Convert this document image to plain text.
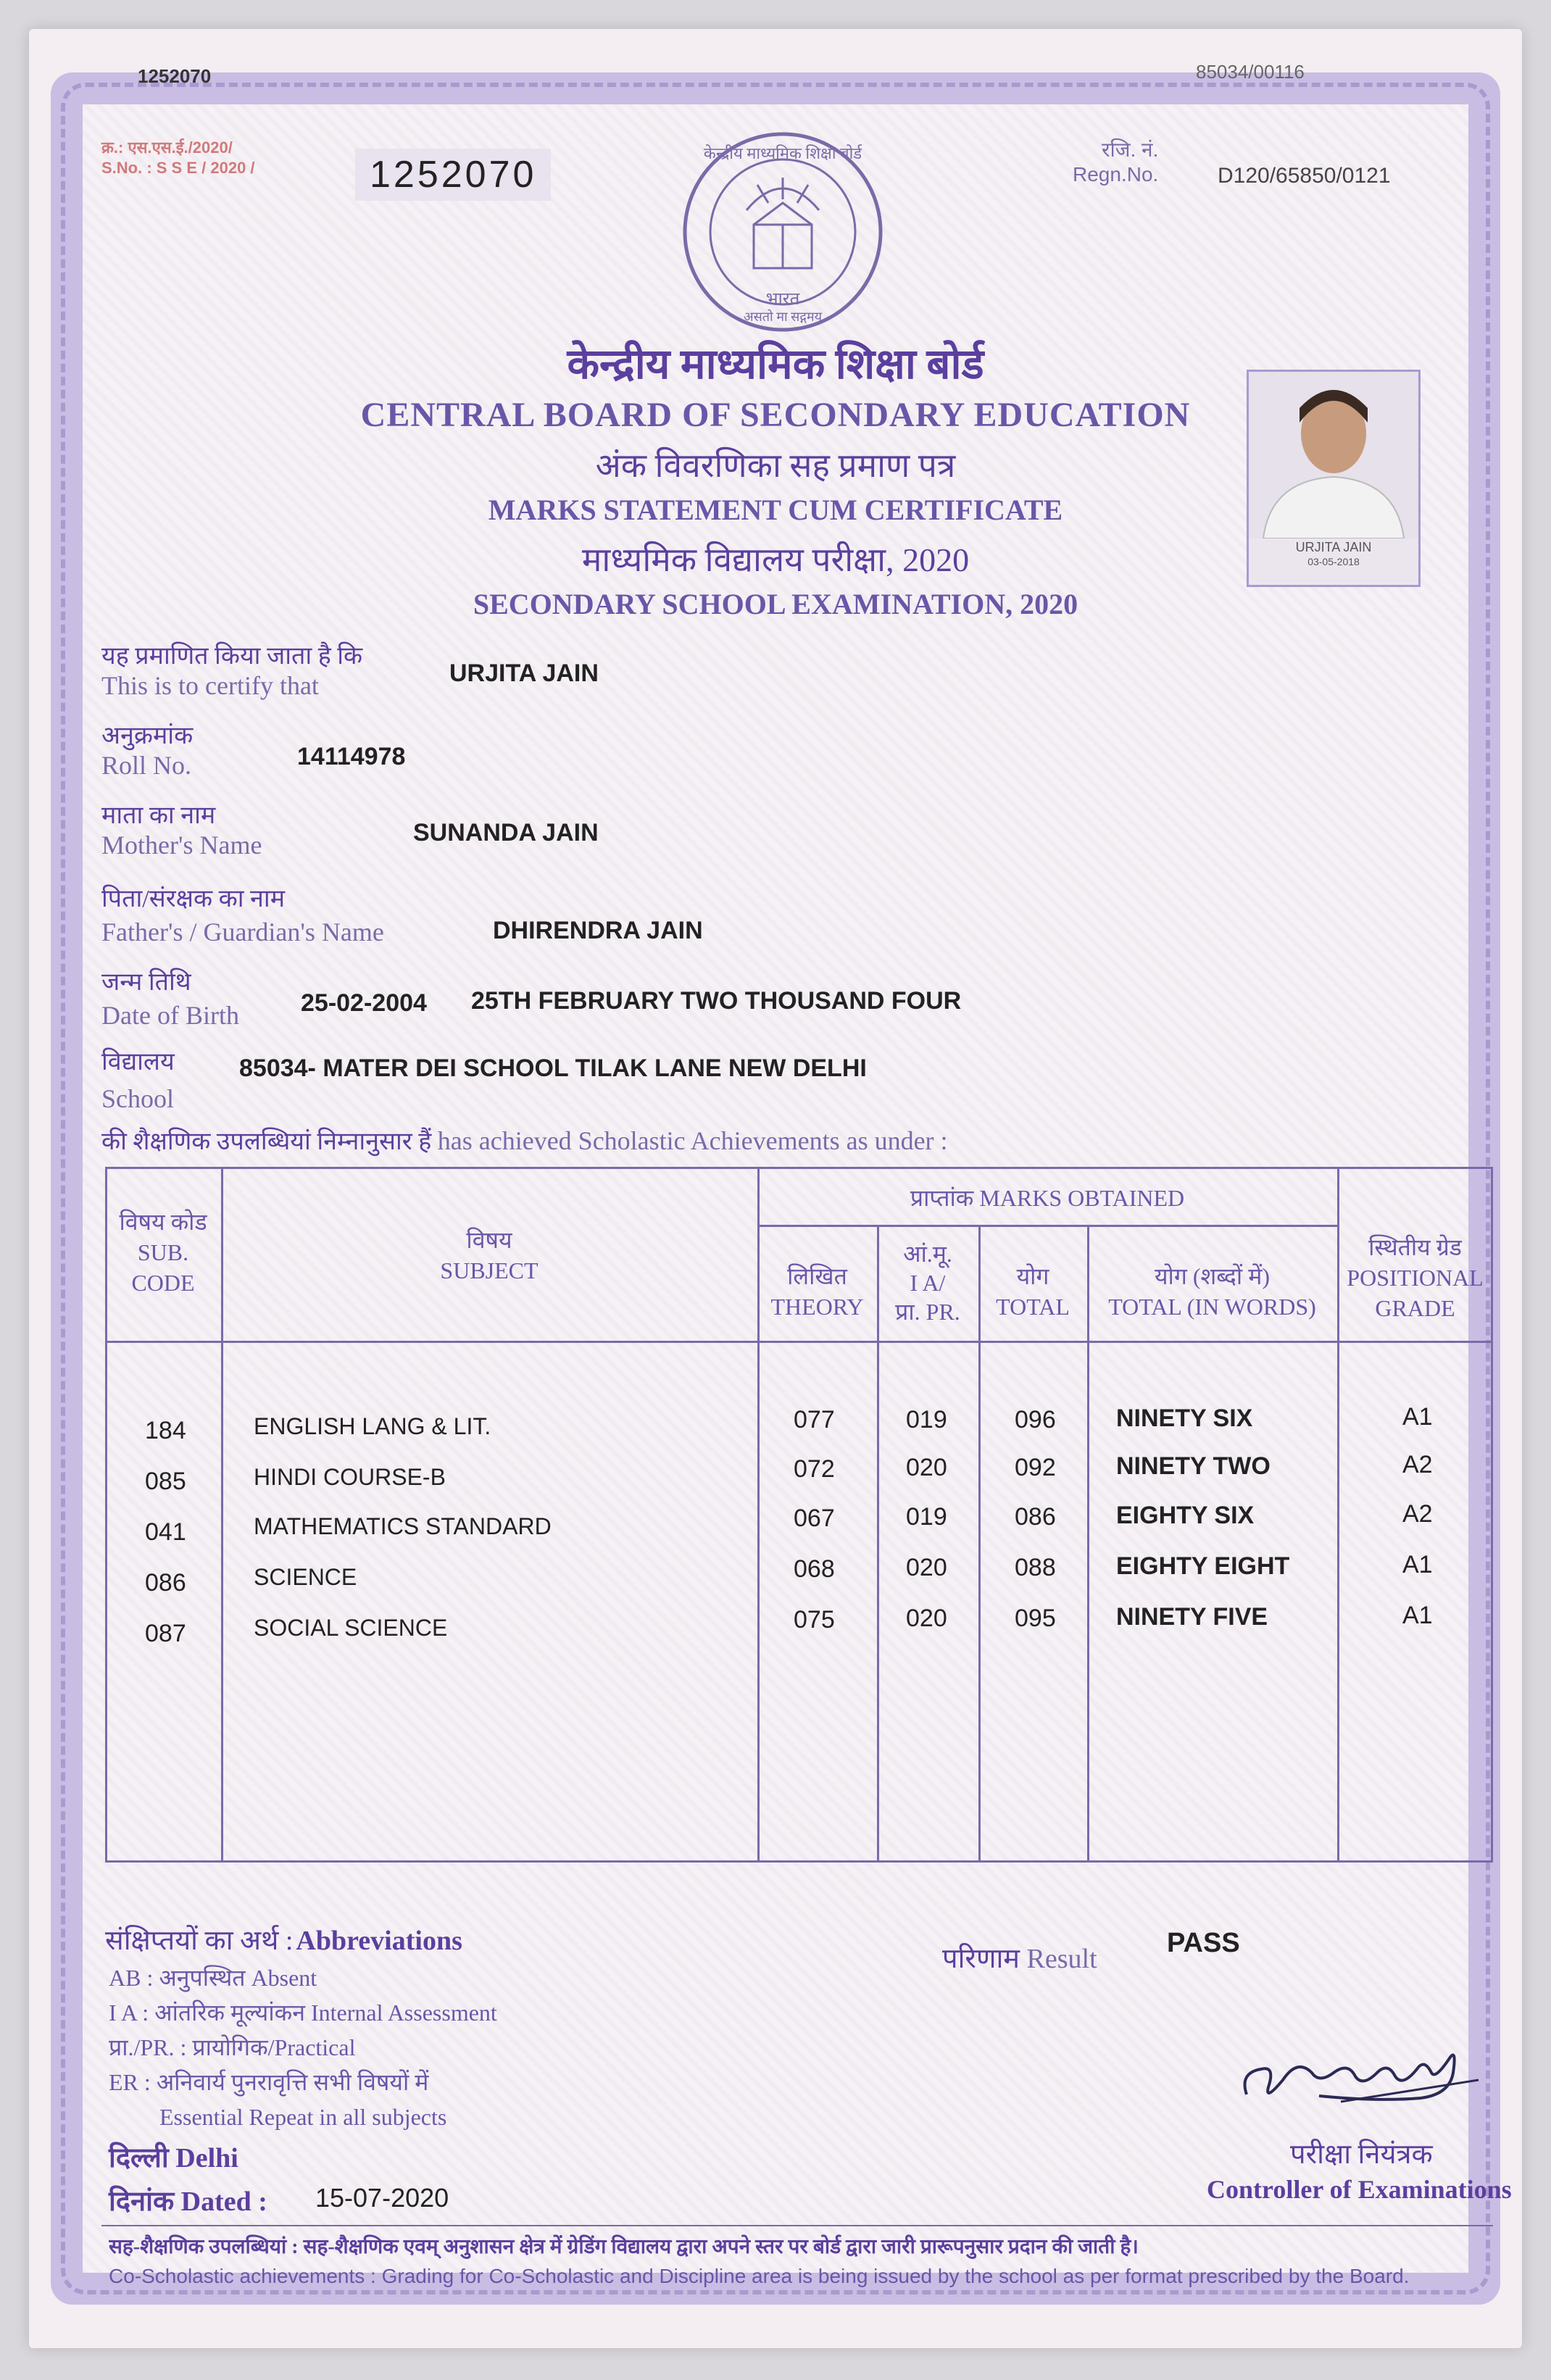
1252070	85034/00116
क्र.: एस.एस.ई./2020/
S.No. : S S E / 2020 /	1252070
केन्द्रीय माध्यमिक शिक्षा बोर्ड
भारत
असतो मा सद्गमय
रजि. नं.
Regn.No.	D120/65850/0121
केन्द्रीय माध्यमिक शिक्षा बोर्ड
CENTRAL BOARD OF SECONDARY EDUCATION
अंक विवरणिका सह प्रमाण पत्र
MARKS STATEMENT CUM CERTIFICATE
माध्यमिक विद्यालय परीक्षा, 2020
SECONDARY SCHOOL EXAMINATION, 2020
URJITA JAIN
03-05-2018
यह प्रमाणित किया जाता है कि
This is to certify that	URJITA JAIN
अनुक्रमांक
Roll No.	14114978
माता का नाम
Mother's Name	SUNANDA JAIN
पिता/संरक्षक का नाम
Father's / Guardian's Name	DHIRENDRA JAIN
जन्म तिथि
Date of Birth	25-02-2004 25TH FEBRUARY TWO THOUSAND FOUR
विद्यालय
School
85034- MATER DEI SCHOOL TILAK LANE NEW DELHI
की शैक्षणिक उपलब्धियां निम्नानुसार हैं has achieved Scholastic Achievements as under :
विषय कोड
SUB.
CODE
विषय
SUBJECT
प्राप्तांक MARKS OBTAINED
लिखित
THEORY
आं.मू.
I A/
प्रा. PR.
योग
TOTAL
योग (शब्दों में)
TOTAL (IN WORDS)
स्थितीय ग्रेड
POSITIONAL
GRADE
184	ENGLISH LANG & LIT.	077	019	096 NINETY SIX	A1
085	HINDI COURSE-B	072	020	092 NINETY TWO	A2
041	MATHEMATICS STANDARD	067	019	086 EIGHTY SIX	A2
086	SCIENCE	068	020	088 EIGHTY EIGHT	A1
087	SOCIAL SCIENCE	075	020	095 NINETY FIVE	A1
संक्षिप्तयों का अर्थ : Abbreviations
AB : अनुपस्थित Absent
I A : आंतरिक मूल्यांकन Internal Assessment
प्रा./PR. : प्रायोगिक/Practical
ER : अनिवार्य पुनरावृत्ति सभी विषयों में
Essential Repeat in all subjects
परिणाम Result
PASS
परीक्षा नियंत्रक
Controller of Examinations
दिल्ली Delhi
दिनांक Dated : 15-07-2020
सह-शैक्षणिक उपलब्धियां : सह-शैक्षणिक एवम् अनुशासन क्षेत्र में ग्रेडिंग विद्यालय द्वारा अपने स्तर पर बोर्ड द्वारा जारी प्रारूपनुसार प्रदान की जाती है।
Co-Scholastic achievements : Grading for Co-Scholastic and Discipline area is being issued by the school as per format prescribed by the Board.
